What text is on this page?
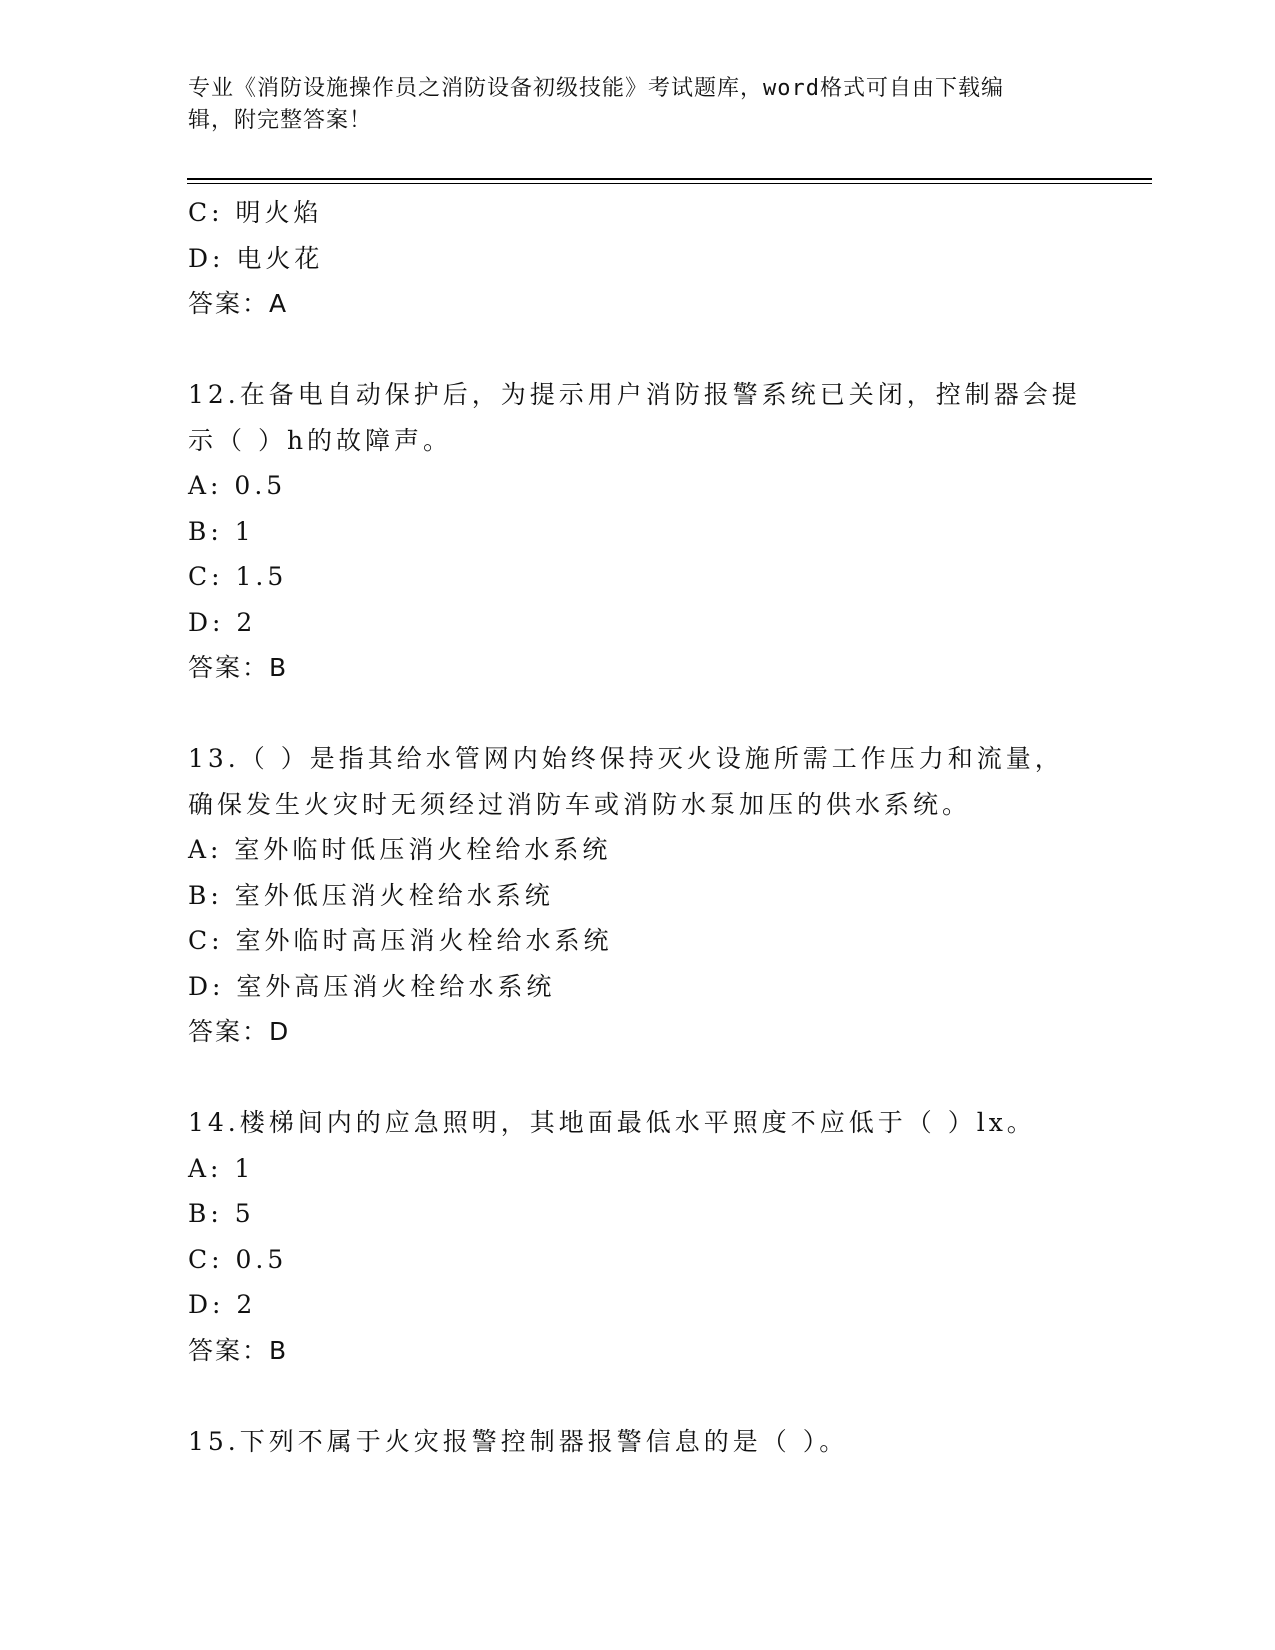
专业《消防设施操作员之消防设备初级技能》考试题库，word格式可自由下载编
辑，附完整答案！
C: 明火焰
D: 电火花
答案：A
12.在备电自动保护后，为提示用户消防报警系统已关闭，控制器会提
示（ ）h的故障声。
A: 0.5
B: 1
C: 1.5
D: 2
答案：B
13.（ ）是指其给水管网内始终保持灭火设施所需工作压力和流量，
确保发生火灾时无须经过消防车或消防水泵加压的供水系统。
A: 室外临时低压消火栓给水系统
B: 室外低压消火栓给水系统
C: 室外临时高压消火栓给水系统
D: 室外高压消火栓给水系统
答案：D
14.楼梯间内的应急照明，其地面最低水平照度不应低于（ ）lx。
A: 1
B: 5
C: 0.5
D: 2
答案：B
15.下列不属于火灾报警控制器报警信息的是（ ）。
